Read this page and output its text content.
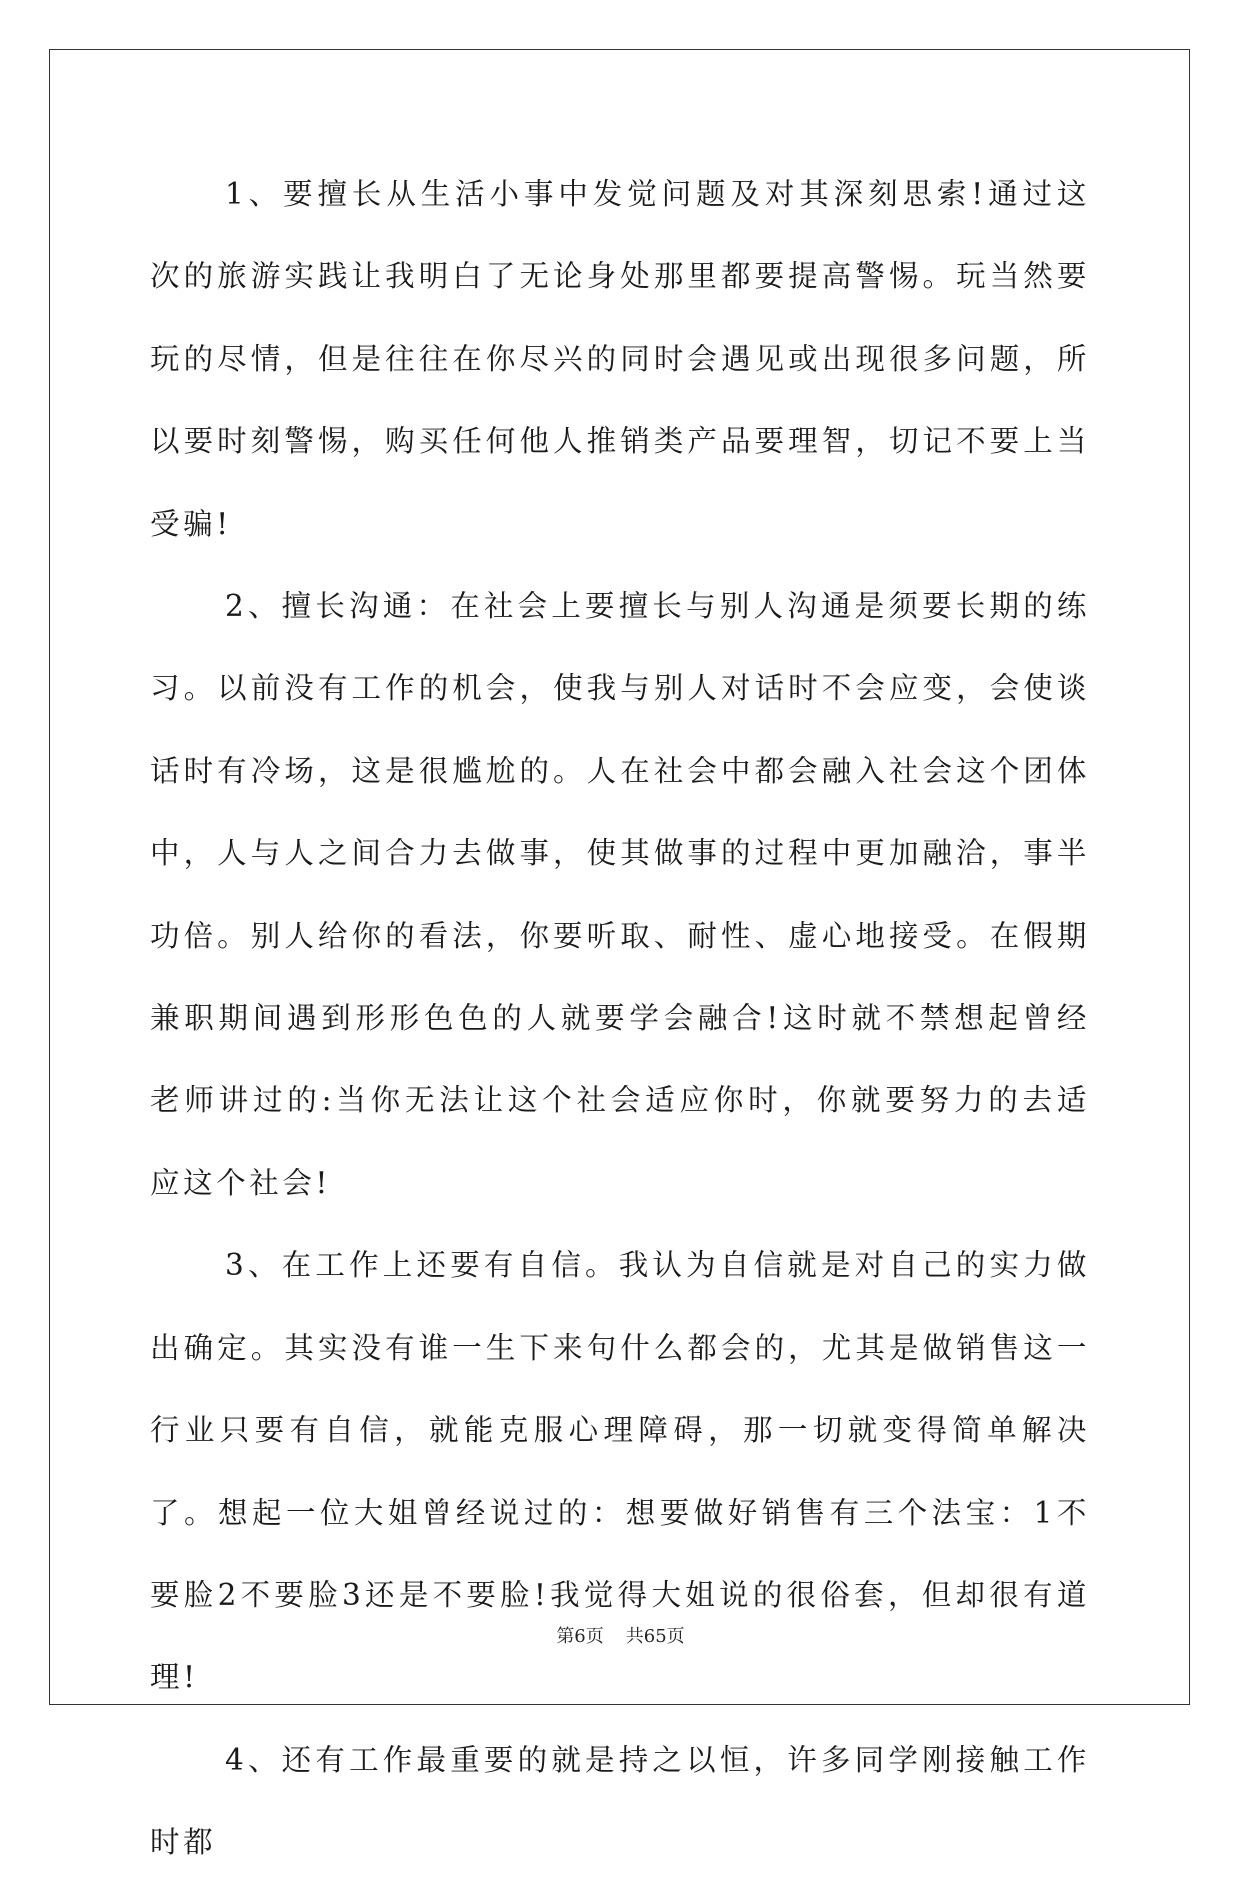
1、要擅长从生活小事中发觉问题及对其深刻思索!通过这次的旅游实践让我明白了无论身处那里都要提高警惕。玩当然要玩的尽情，但是往往在你尽兴的同时会遇见或出现很多问题，所以要时刻警惕，购买任何他人推销类产品要理智，切记不要上当受骗!

2、擅长沟通：在社会上要擅长与别人沟通是须要长期的练习。以前没有工作的机会，使我与别人对话时不会应变，会使谈话时有冷场，这是很尴尬的。人在社会中都会融入社会这个团体中，人与人之间合力去做事，使其做事的过程中更加融洽，事半功倍。别人给你的看法，你要听取、耐性、虚心地接受。在假期兼职期间遇到形形色色的人就要学会融合!这时就不禁想起曾经老师讲过的:当你无法让这个社会适应你时，你就要努力的去适应这个社会!

3、在工作上还要有自信。我认为自信就是对自己的实力做出确定。其实没有谁一生下来句什么都会的，尤其是做销售这一行业只要有自信，就能克服心理障碍，那一切就变得简单解决了。想起一位大姐曾经说过的：想要做好销售有三个法宝：1不要脸2不要脸3还是不要脸!我觉得大姐说的很俗套，但却很有道理!

4、还有工作最重要的就是持之以恒，许多同学刚接触工作时都

第6页 共65页
